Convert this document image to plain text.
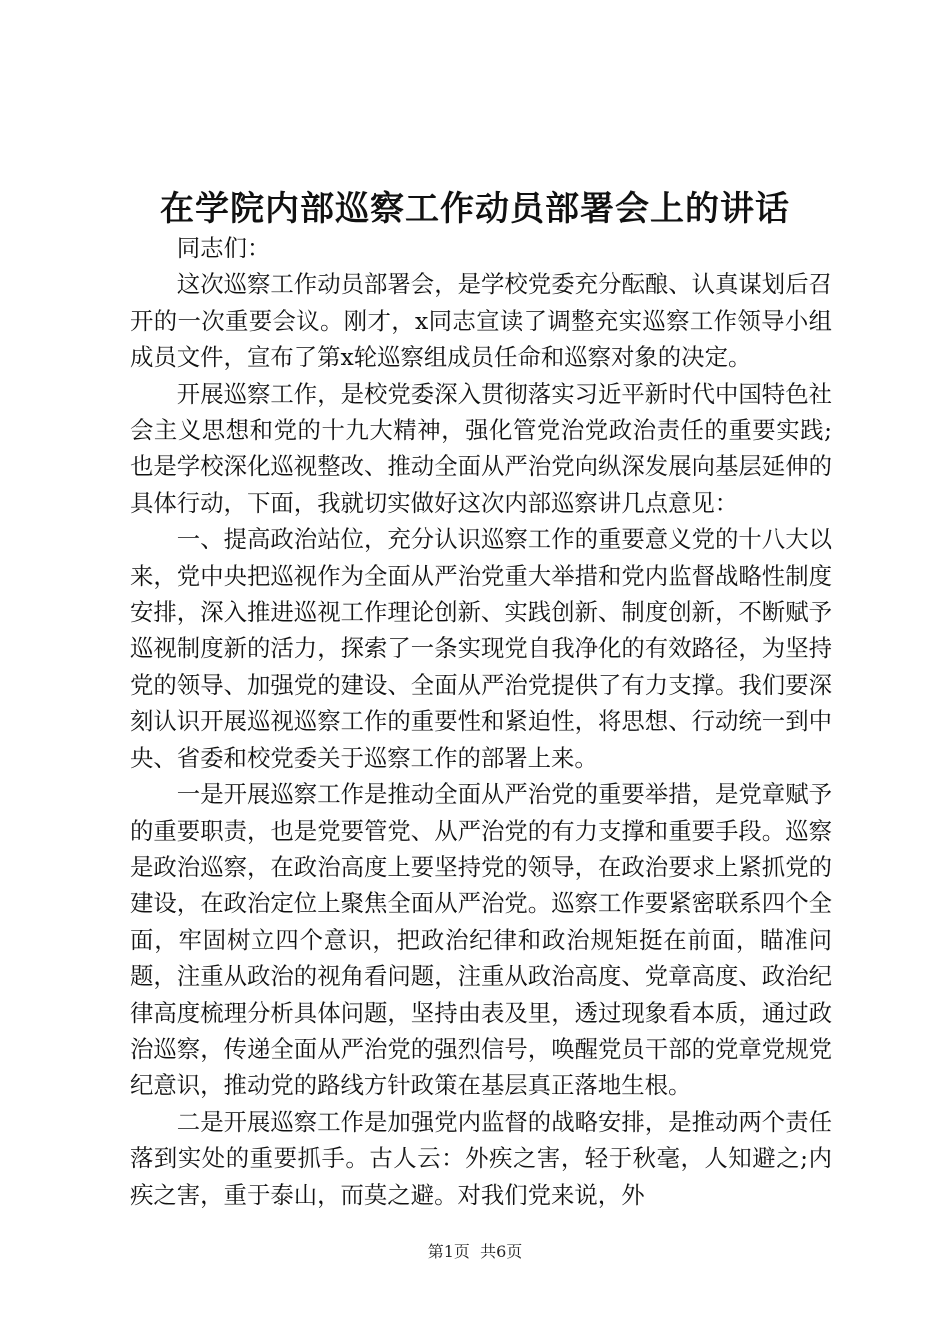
在学院内部巡察工作动员部署会上的讲话

同志们：

这次巡察工作动员部署会，是学校党委充分酝酿、认真谋划后召开的一次重要会议。刚才，x同志宣读了调整充实巡察工作领导小组成员文件，宣布了第x轮巡察组成员任命和巡察对象的决定。

开展巡察工作，是校党委深入贯彻落实习近平新时代中国特色社会主义思想和党的十九大精神，强化管党治党政治责任的重要实践;也是学校深化巡视整改、推动全面从严治党向纵深发展向基层延伸的具体行动，下面，我就切实做好这次内部巡察讲几点意见：

一、提高政治站位，充分认识巡察工作的重要意义党的十八大以来，党中央把巡视作为全面从严治党重大举措和党内监督战略性制度安排，深入推进巡视工作理论创新、实践创新、制度创新，不断赋予巡视制度新的活力，探索了一条实现党自我净化的有效路径，为坚持党的领导、加强党的建设、全面从严治党提供了有力支撑。我们要深刻认识开展巡视巡察工作的重要性和紧迫性，将思想、行动统一到中央、省委和校党委关于巡察工作的部署上来。

一是开展巡察工作是推动全面从严治党的重要举措，是党章赋予的重要职责，也是党要管党、从严治党的有力支撑和重要手段。巡察是政治巡察，在政治高度上要坚持党的领导，在政治要求上紧抓党的建设，在政治定位上聚焦全面从严治党。巡察工作要紧密联系四个全面，牢固树立四个意识，把政治纪律和政治规矩挺在前面，瞄准问题，注重从政治的视角看问题，注重从政治高度、党章高度、政治纪律高度梳理分析具体问题，坚持由表及里，透过现象看本质，通过政治巡察，传递全面从严治党的强烈信号，唤醒党员干部的党章党规党纪意识，推动党的路线方针政策在基层真正落地生根。

二是开展巡察工作是加强党内监督的战略安排，是推动两个责任落到实处的重要抓手。古人云：外疾之害，轻于秋毫，人知避之;内疾之害，重于泰山，而莫之避。对我们党来说，外

第1页  共6页
